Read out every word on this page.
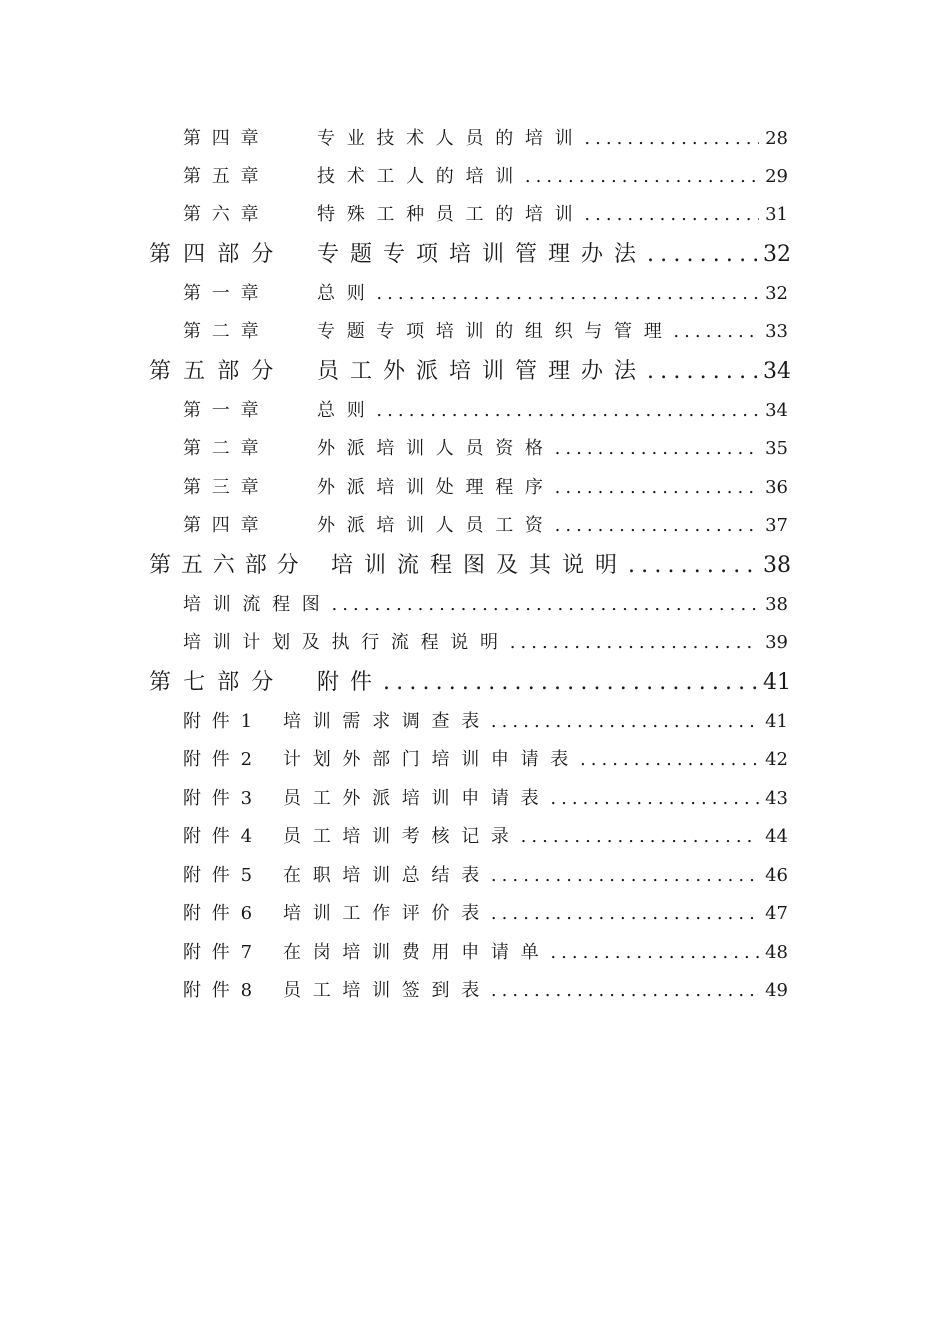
第四章	专业技术人员的培训 .....	28
第五章	技术工人的培训 .....	29
第六章	特殊工种员工的培训 .....	31
第四部分	专题专项培训管理办法 .....	32
第一章	总则 .....	32
第二章	专题专项培训的组织与管理 .....	33
第五部分	员工外派培训管理办法 .....	34
第一章	总则 .....	34
第二章	外派培训人员资格 .....	35
第三章	外派培训处理程序 .....	36
第四章	外派培训人员工资 .....	37
第五六部分	培训流程图及其说明 .....	38
培训流程图 .....	38
培训计划及执行流程说明 .....	39
第七部分	附件 .....	41
附件1	培训需求调查表 .....	41
附件2	计划外部门培训申请表 .....	42
附件3	员工外派培训申请表 .....	43
附件4	员工培训考核记录 .....	44
附件5	在职培训总结表 .....	46
附件6	培训工作评价表 .....	47
附件7	在岗培训费用申请单 .....	48
附件8	员工培训签到表 .....	49
